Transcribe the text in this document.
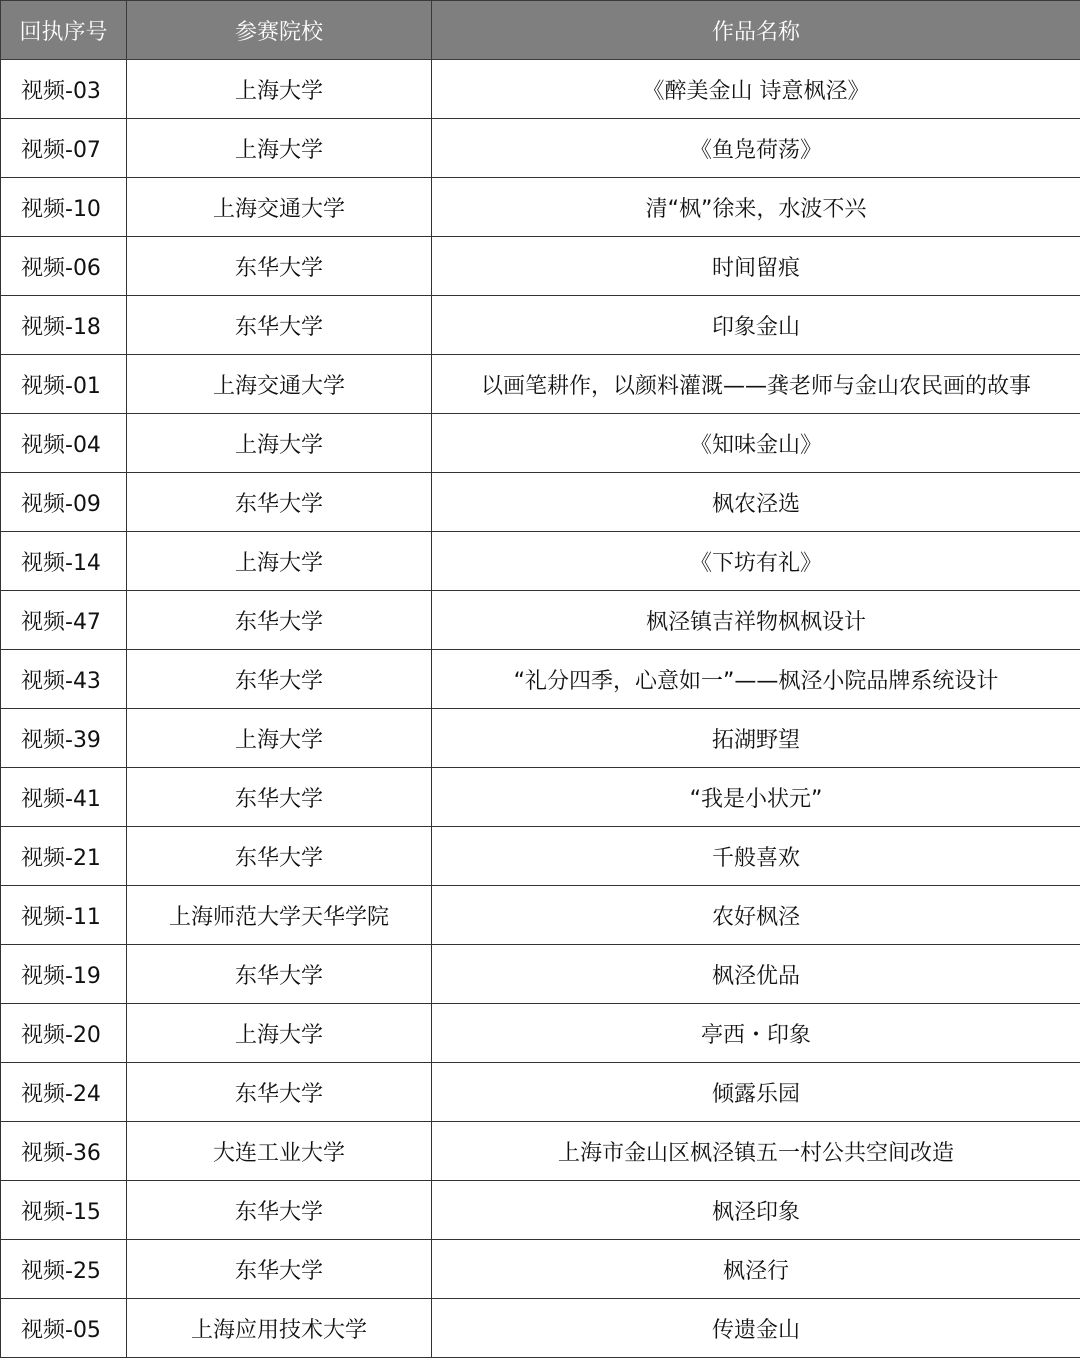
回执序号	参赛院校	作品名称
视频-03	上海大学	《醉美金山 诗意枫泾》
视频-07	上海大学	《鱼凫荷荡》
视频-10	上海交通大学	清“枫”徐来，水波不兴
视频-06	东华大学	时间留痕
视频-18	东华大学	印象金山
视频-01	上海交通大学	以画笔耕作，以颜料灌溉——龚老师与金山农民画的故事
视频-04	上海大学	《知味金山》
视频-09	东华大学	枫农泾选
视频-14	上海大学	《下坊有礼》
视频-47	东华大学	枫泾镇吉祥物枫枫设计
视频-43	东华大学	“礼分四季，心意如一”——枫泾小院品牌系统设计
视频-39	上海大学	拓湖野望
视频-41	东华大学	“我是小状元”
视频-21	东华大学	千般喜欢
视频-11	上海师范大学天华学院	农好枫泾
视频-19	东华大学	枫泾优品
视频-20	上海大学	亭西・印象
视频-24	东华大学	倾露乐园
视频-36	大连工业大学	上海市金山区枫泾镇五一村公共空间改造
视频-15	东华大学	枫泾印象
视频-25	东华大学	枫泾行
视频-05	上海应用技术大学	传遗金山
